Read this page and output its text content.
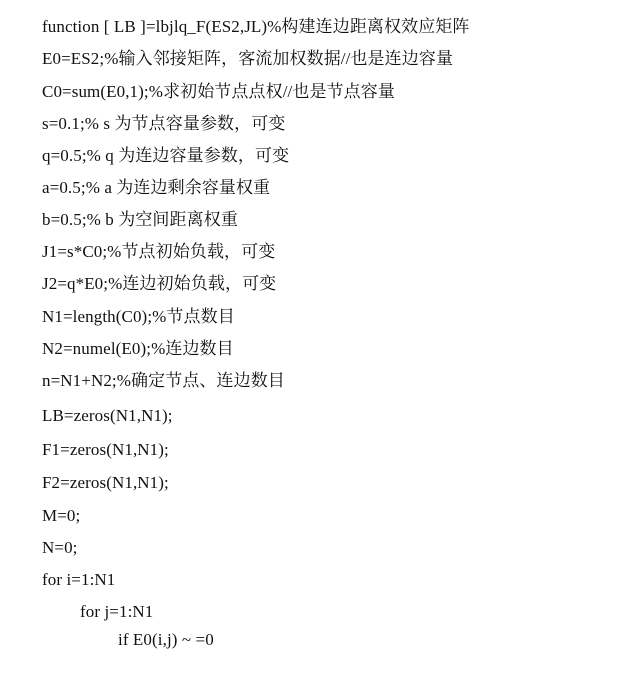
function [ LB ]=lbjlq_F(ES2,JL)%构建连边距离权效应矩阵
E0=ES2;%输入邻接矩阵，客流加权数据//也是连边容量
C0=sum(E0,1);%求初始节点点权//也是节点容量
s=0.1;% s 为节点容量参数，可变
q=0.5;% q 为连边容量参数，可变
a=0.5;% a 为连边剩余容量权重
b=0.5;% b 为空间距离权重
J1=s*C0;%节点初始负载，可变
J2=q*E0;%连边初始负载，可变
N1=length(C0);%节点数目
N2=numel(E0);%连边数目
n=N1+N2;%确定节点、连边数目
LB=zeros(N1,N1);
F1=zeros(N1,N1);
F2=zeros(N1,N1);
M=0;
N=0;
for i=1:N1
for j=1:N1
if E0(i,j) ~ =0
